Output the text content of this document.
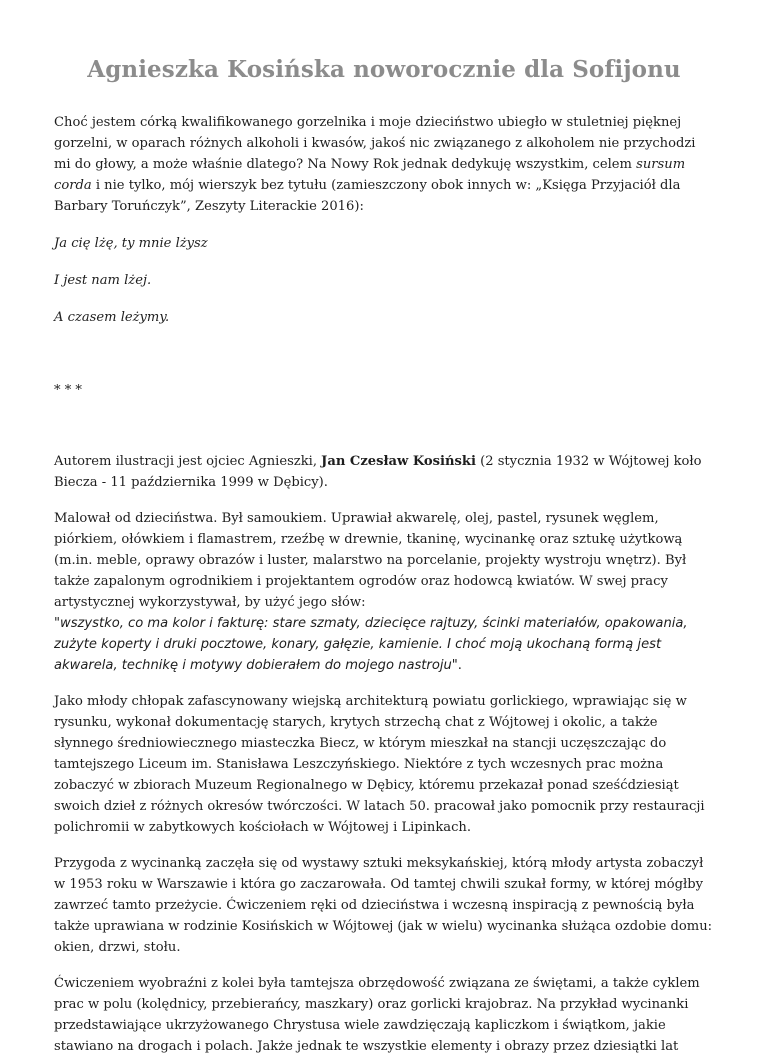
Agnieszka Kosińska noworocznie dla Sofijonu

Choć jestem córką kwalifikowanego gorzelnika i moje dzieciństwo ubiegło w stuletniej pięknej gorzelni, w oparach różnych alkoholi i kwasów, jakoś nic związanego z alkoholem nie przychodzi mi do głowy, a może właśnie dlatego? Na Nowy Rok jednak dedykuję wszystkim, celem sursum
corda i nie tylko, mój wierszyk bez tytułu (zamieszczony obok innych w: „Księga Przyjaciół dla Barbary Toruńczyk”, Zeszyty Literackie 2016):

Ja cię lżę, ty mnie lżysz

I jest nam lżej.

A czasem leżymy.

* * *

Autorem ilustracji jest ojciec Agnieszki, Jan Czesław Kosiński (2 stycznia 1932 w Wójtowej koło Biecza - 11 października 1999 w Dębicy).

Malował od dzieciństwa. Był samoukiem. Uprawiał akwarelę, olej, pastel, rysunek węglem, piórkiem, ołówkiem i flamastrem, rzeźbę w drewnie, tkaninę, wycinankę oraz sztukę użytkową (m.in. meble, oprawy obrazów i luster, malarstwo na porcelanie, projekty wystroju wnętrz). Był także zapalonym ogrodnikiem i projektantem ogrodów oraz hodowcą kwiatów. W swej pracy artystycznej wykorzystywał, by użyć jego słów:

"wszystko, co ma kolor i fakturę: stare szmaty, dziecięce rajtuzy, ścinki materiałów, opakowania, zużyte koperty i druki pocztowe, konary, gałęzie, kamienie. I choć moją ukochaną formą jest akwarela, technikę i motywy dobierałem do mojego nastroju".

Jako młody chłopak zafascynowany wiejską architekturą powiatu gorlickiego, wprawiając się w rysunku, wykonał dokumentację starych, krytych strzechą chat z Wójtowej i okolic, a także słynnego średniowiecznego miasteczka Biecz, w którym mieszkał na stancji uczęszczając do tamtejszego Liceum im. Stanisława Leszczyńskiego. Niektóre z tych wczesnych prac można zobaczyć w zbiorach Muzeum Regionalnego w Dębicy, któremu przekazał ponad sześćdziesiąt swoich dzieł z różnych okresów twórczości. W latach 50. pracował jako pomocnik przy restauracji polichromii w zabytkowych kościołach w Wójtowej i Lipinkach.

Przygoda z wycinanką zaczęła się od wystawy sztuki meksykańskiej, którą młody artysta zobaczył w 1953 roku w Warszawie i która go zaczarowała. Od tamtej chwili szukał formy, w której mógłby zawrzeć tamto przeżycie. Ćwiczeniem ręki od dzieciństwa i wczesną inspiracją z pewnością była także uprawiana w rodzinie Kosińskich w Wójtowej (jak w wielu) wycinanka służąca ozdobie domu: okien, drzwi, stołu.

Ćwiczeniem wyobraźni z kolei była tamtejsza obrzędowość związana ze świętami, a także cyklem prac w polu (kolędnicy, przebierańcy, maszkary) oraz gorlicki krajobraz. Na przykład wycinanki przedstawiające ukrzyżowanego Chrystusa wiele zawdzięczają kapliczkom i świątkom, jakie stawiano na drogach i polach. Jakże jednak te wszystkie elementy i obrazy przez dziesiątki lat
